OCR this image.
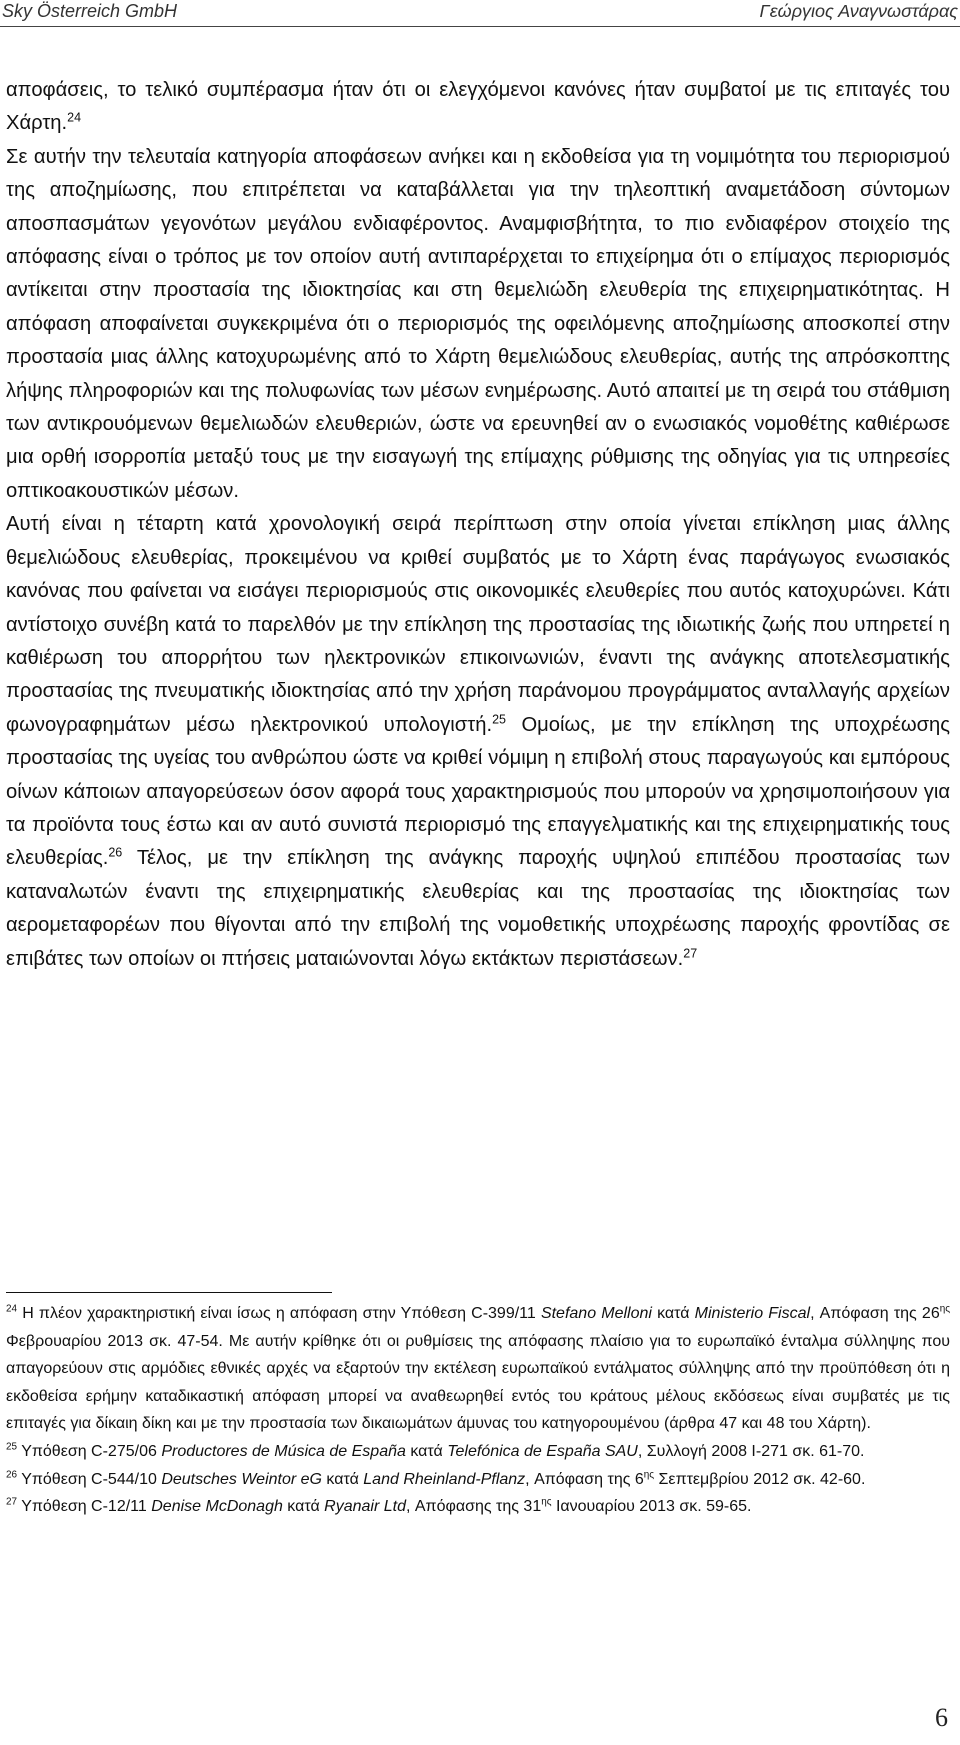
Sky Österreich GmbH	Γεώργιος Αναγνωστάρας

αποφάσεις, το τελικό συμπέρασμα ήταν ότι οι ελεγχόμενοι κανόνες ήταν συμβατοί με τις επιταγές του Χάρτη.$^{24}$

Σε αυτήν την τελευταία κατηγορία αποφάσεων ανήκει και η εκδοθείσα για τη νομιμότητα του περιορισμού της αποζημίωσης, που επιτρέπεται να καταβάλλεται για την τηλεοπτική αναμετάδοση σύντομων αποσπασμάτων γεγονότων μεγάλου ενδιαφέροντος. Αναμφισβήτητα, το πιο ενδιαφέρον στοιχείο της απόφασης είναι ο τρόπος με τον οποίον αυτή αντιπαρέρχεται το επιχείρημα ότι ο επίμαχος περιορισμός αντίκειται στην προστασία της ιδιοκτησίας και στη θεμελιώδη ελευθερία της επιχειρηματικότητας. Η απόφαση αποφαίνεται συγκεκριμένα ότι ο περιορισμός της οφειλόμενης αποζημίωσης αποσκοπεί στην προστασία μιας άλλης κατοχυρωμένης από το Χάρτη θεμελιώδους ελευθερίας, αυτής της απρόσκοπτης λήψης πληροφοριών και της πολυφωνίας των μέσων ενημέρωσης. Αυτό απαιτεί με τη σειρά του στάθμιση των αντικρουόμενων θεμελιωδών ελευθεριών, ώστε να ερευνηθεί αν ο ενωσιακός νομοθέτης καθιέρωσε μια ορθή ισορροπία μεταξύ τους με την εισαγωγή της επίμαχης ρύθμισης της οδηγίας για τις υπηρεσίες οπτικοακουστικών μέσων.

Αυτή είναι η τέταρτη κατά χρονολογική σειρά περίπτωση στην οποία γίνεται επίκληση μιας άλλης θεμελιώδους ελευθερίας, προκειμένου να κριθεί συμβατός με το Χάρτη ένας παράγωγος ενωσιακός κανόνας που φαίνεται να εισάγει περιορισμούς στις οικονομικές ελευθερίες που αυτός κατοχυρώνει. Κάτι αντίστοιχο συνέβη κατά το παρελθόν με την επίκληση της προστασίας της ιδιωτικής ζωής που υπηρετεί η καθιέρωση του απορρήτου των ηλεκτρονικών επικοινωνιών, έναντι της ανάγκης αποτελεσματικής προστασίας της πνευματικής ιδιοκτησίας από την χρήση παράνομου προγράμματος ανταλλαγής αρχείων φωνογραφημάτων μέσω ηλεκτρονικού υπολογιστή.$^{25}$ Ομοίως, με την επίκληση της υποχρέωσης προστασίας της υγείας του ανθρώπου ώστε να κριθεί νόμιμη η επιβολή στους παραγωγούς και εμπόρους οίνων κάποιων απαγορεύσεων όσον αφορά τους χαρακτηρισμούς που μπορούν να χρησιμοποιήσουν για τα προϊόντα τους έστω και αν αυτό συνιστά περιορισμό της επαγγελματικής και της επιχειρηματικής τους ελευθερίας.$^{26}$ Τέλος, με την επίκληση της ανάγκης παροχής υψηλού επιπέδου προστασίας των καταναλωτών έναντι της επιχειρηματικής ελευθερίας και της προστασίας της ιδιοκτησίας των αερομεταφορέων που θίγονται από την επιβολή της νομοθετικής υποχρέωσης παροχής φροντίδας σε επιβάτες των οποίων οι πτήσεις ματαιώνονται λόγω εκτάκτων περιστάσεων.$^{27}$

$^{24}$ Η πλέον χαρακτηριστική είναι ίσως η απόφαση στην Υπόθεση C-399/11 Stefano Melloni κατά Ministerio Fiscal, Απόφαση της $26^{\eta\varsigma}$ Φεβρουαρίου 2013 σκ. 47-54. Με αυτήν κρίθηκε ότι οι ρυθμίσεις της απόφασης πλαίσιο για το ευρωπαϊκό ένταλμα σύλληψης που απαγορεύουν στις αρμόδιες εθνικές αρχές να εξαρτούν την εκτέλεση ευρωπαϊκού εντάλματος σύλληψης από την προϋπόθεση ότι η εκδοθείσα ερήμην καταδικαστική απόφαση μπορεί να αναθεωρηθεί εντός του κράτους μέλους εκδόσεως είναι συμβατές με τις επιταγές για δίκαιη δίκη και με την προστασία των δικαιωμάτων άμυνας του κατηγορουμένου (άρθρα 47 και 48 του Χάρτη).

$^{25}$ Υπόθεση C-275/06 Productores de Música de España κατά Telefónica de España SAU, Συλλογή 2008 I-271 σκ. 61-70.

$^{26}$ Υπόθεση C-544/10 Deutsches Weintor eG κατά Land Rheinland-Pflanz, Απόφαση της $6^{\eta\varsigma}$ Σεπτεμβρίου 2012 σκ. 42-60.

$^{27}$ Υπόθεση C-12/11 Denise McDonagh κατά Ryanair Ltd, Απόφασης της $31^{\eta\varsigma}$ Ιανουαρίου 2013 σκ. 59-65.

6
